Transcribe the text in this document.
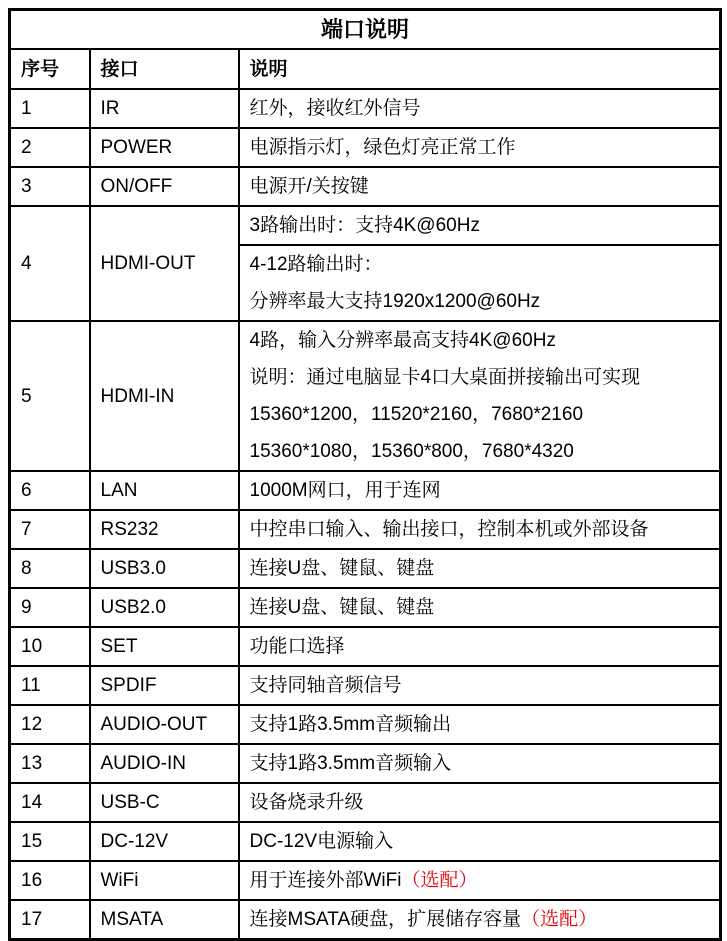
端口说明		
序号	接口	说明
1	IR	红外，接收红外信号

2	POWER	电源指示灯，绿色灯亮正常工作

3	ON/OFF	电源开/关按键

4	HDMI-OUT	3路输出时：支持4K@60Hz

		4-12路输出时：
分辨率最大支持1920x1200@60Hz

5	HDMI-IN	4路，输入分辨率最高支持4K@60Hz
说明：通过电脑显卡4口大桌面拼接输出可实现
15360*1200，11520*2160，7680*2160
15360*1080，15360*800，7680*4320

6	LAN	1000M网口，用于连网

7	RS232	中控串口输入、输出接口，控制本机或外部设备

8	USB3.0	连接U盘、键鼠、键盘

9	USB2.0	连接U盘、键鼠、键盘

10	SET	功能口选择

11	SPDIF	支持同轴音频信号

12	AUDIO-OUT	支持1路3.5mm音频输出

13	AUDIO-IN	支持1路3.5mm音频输入

14	USB-C	设备烧录升级

15	DC-12V	DC-12V电源输入

16	WiFi	用于连接外部WiFi（选配）

17	MSATA	连接MSATA硬盘，扩展储存容量（选配）
